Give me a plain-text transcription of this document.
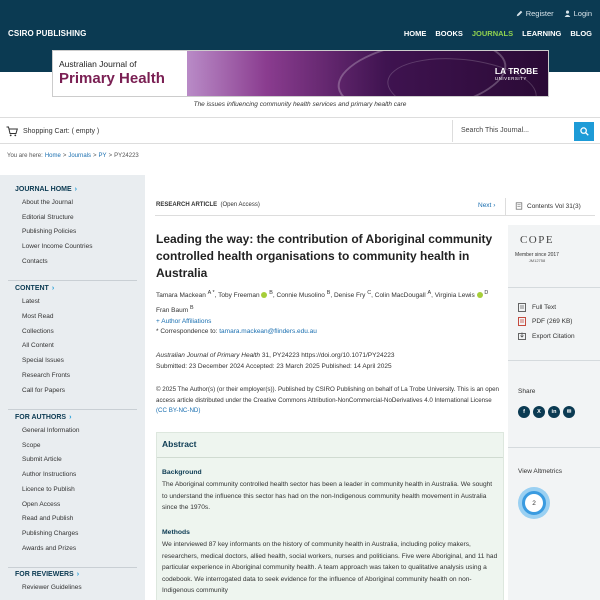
Register	Login
CSIRO PUBLISHING	HOME BOOKS JOURNALS LEARNING BLOG
Australian Journal of
Primary Health	LA TROBE
UNIVERSITY
The issues influencing community health services and primary health care
Shopping Cart: ( empty )	Search This Journal...
You are here: Home > Journals > PY > PY24223
JOURNAL HOME ›
About the Journal
Editorial Structure
Publishing Policies
Lower Income Countries
Contacts
CONTENT ›
Latest
Most Read
Collections
All Content
Special Issues
Research Fronts
Call for Papers
FOR AUTHORS ›
General Information
Scope
Submit Article
Author Instructions
Licence to Publish
Open Access
Read and Publish
Publishing Charges
Awards and Prizes
FOR REVIEWERS ›
Reviewer Guidelines
RESEARCH ARTICLE (Open Access)	Next ›	Contents Vol 31(3)
Leading the way: the contribution of Aboriginal community controlled health organisations to community health in Australia
Tamara Mackean $^{A *}$, Toby Freeman $^B$, Connie Musolino $^B$, Denise Fry $^C$, Colin MacDougall $^A$, Virginia Lewis $^D$ Fran Baum $^B$
+ Author Affiliations
* Correspondence to: tamara.mackean@flinders.edu.au
Australian Journal of Primary Health 31, PY24223 https://doi.org/10.1071/PY24223
Submitted: 23 December 2024 Accepted: 23 March 2025 Published: 14 April 2025
© 2025 The Author(s) (or their employer(s)). Published by CSIRO Publishing on behalf of La Trobe University. This is an open access article distributed under the Creative Commons Attribution-NonCommercial-NoDerivatives 4.0 International License (CC BY-NC-ND)
Abstract
Background
The Aboriginal community controlled health sector has been a leader in community health in Australia. We sought to understand the influence this sector has had on the non-Indigenous community health movement in Australia since the 1970s.
Methods
We interviewed 87 key informants on the history of community health in Australia, including policy makers, researchers, medical doctors, allied health, social workers, nurses and politicians. Five were Aboriginal, and 11 had particular experience in Aboriginal community health. A team approach was taken to qualitative analysis using a codebook. We interrogated data to seek evidence for the influence of Aboriginal community health on non-Indigenous community
COPE
Member since 2017
JM12758
Full Text
PDF (269 KB)
Export Citation
Share
f	X	in	✉
View Altmetrics
2
